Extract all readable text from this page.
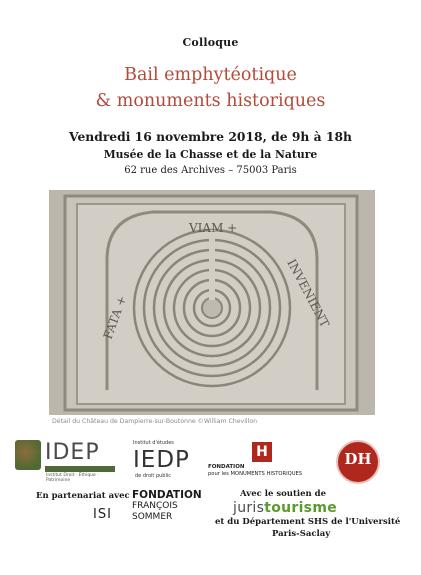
Colloque
Bail emphytéotique
& monuments historiques
Vendredi 16 novembre 2018, de 9h à 18h
Musée de la Chasse et de la Nature
62 rue des Archives – 75003 Paris
VIAM +
FATA +	INVENIENT
Détail du Château de Dampierre-sur-Boutonne ©William Chevillon
IDEP
Institut Droit · Éthique · Patrimoine
Institut d'études
IEDP
de droit public
H
FONDATION
pour les MONUMENTS HISTORIQUES
DH
En partenariat avec
ISI
FONDATION
FRANÇOIS
SOMMER
Avec le soutien de
juristourisme
et du Département SHS de l'Université
Paris-Saclay
